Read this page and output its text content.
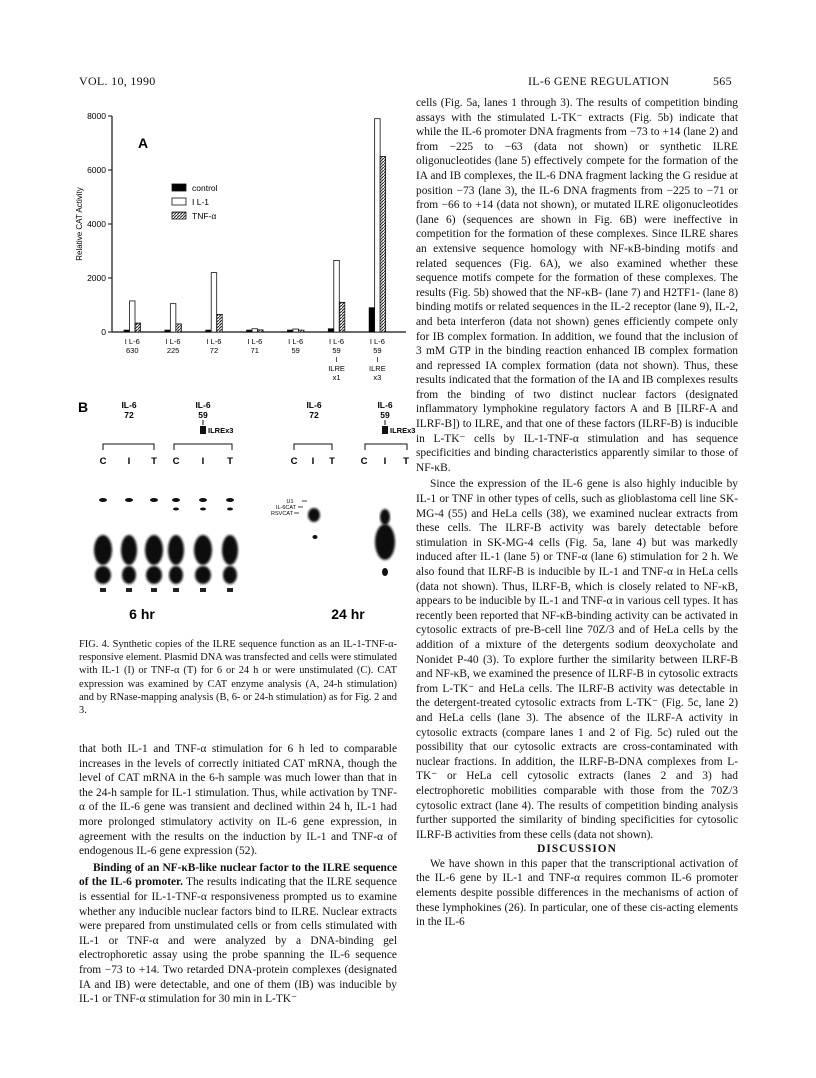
VOL. 10, 1990	IL-6 GENE REGULATION	565
0
2000
4000
6000
8000
Relative CAT Activity
A
I L-6
630
I L-6
225
I L-6
72
I L-6
71
I L-6
59
I L-6
59
I
ILRE
x1
I L-6
59
I
ILRE
x3
control
I L-1
TNF-α
B	IL-6
72
C I T
IL-6
59
ILREx3
C I T
IL-6
72
C I T
IL-6
59
ILREx3
C I T
U1
IL-6CAT
RSVCAT
6 hr	24 hr
FIG. 4. Synthetic copies of the ILRE sequence function as an IL-1-TNF-α-responsive element. Plasmid DNA was transfected and cells were stimulated with IL-1 (I) or TNF-α (T) for 6 or 24 h or were unstimulated (C). CAT expression was examined by CAT enzyme analysis (A, 24-h stimulation) and by RNase-mapping analysis (B, 6- or 24-h stimulation) as for Fig. 2 and 3.

that both IL-1 and TNF-α stimulation for 6 h led to comparable increases in the levels of correctly initiated CAT mRNA, though the level of CAT mRNA in the 6-h sample was much lower than that in the 24-h sample for IL-1 stimulation. Thus, while activation by TNF-α of the IL-6 gene was transient and declined within 24 h, IL-1 had more prolonged stimulatory activity on IL-6 gene expression, in agreement with the results on the induction by IL-1 and TNF-α of endogenous IL-6 gene expression (52).

Binding of an NF-κB-like nuclear factor to the ILRE sequence of the IL-6 promoter. The results indicating that the ILRE sequence is essential for IL-1-TNF-α responsiveness prompted us to examine whether any inducible nuclear factors bind to ILRE. Nuclear extracts were prepared from unstimulated cells or from cells stimulated with IL-1 or TNF-α and were analyzed by a DNA-binding gel electrophoretic assay using the probe spanning the IL-6 sequence from −73 to +14. Two retarded DNA-protein complexes (designated IA and IB) were detectable, and one of them (IB) was inducible by IL-1 or TNF-α stimulation for 30 min in L-TK⁻

cells (Fig. 5a, lanes 1 through 3). The results of competition binding assays with the stimulated L-TK⁻ extracts (Fig. 5b) indicate that while the IL-6 promoter DNA fragments from −73 to +14 (lane 2) and from −225 to −63 (data not shown) or synthetic ILRE oligonucleotides (lane 5) effectively compete for the formation of the IA and IB complexes, the IL-6 DNA fragment lacking the G residue at position −73 (lane 3), the IL-6 DNA fragments from −225 to −71 or from −66 to +14 (data not shown), or mutated ILRE oligonucleotides (lane 6) (sequences are shown in Fig. 6B) were ineffective in competition for the formation of these complexes. Since ILRE shares an extensive sequence homology with NF-κB-binding motifs and related sequences (Fig. 6A), we also examined whether these sequence motifs compete for the formation of these complexes. The results (Fig. 5b) showed that the NF-κB- (lane 7) and H2TF1- (lane 8) binding motifs or related sequences in the IL-2 receptor (lane 9), IL-2, and beta interferon (data not shown) genes efficiently compete only for IB complex formation. In addition, we found that the inclusion of 3 mM GTP in the binding reaction enhanced IB complex formation and repressed IA complex formation (data not shown). Thus, these results indicated that the formation of the IA and IB complexes results from the binding of two distinct nuclear factors (designated inflammatory lymphokine regulatory factors A and B [ILRF-A and ILRF-B]) to ILRE, and that one of these factors (ILRF-B) is inducible in L-TK⁻ cells by IL-1-TNF-α stimulation and has sequence specificities and binding characteristics apparently similar to those of NF-κB.

Since the expression of the IL-6 gene is also highly inducible by IL-1 or TNF in other types of cells, such as glioblastoma cell line SK-MG-4 (55) and HeLa cells (38), we examined nuclear extracts from these cells. The ILRF-B activity was barely detectable before stimulation in SK-MG-4 cells (Fig. 5a, lane 4) but was markedly induced after IL-1 (lane 5) or TNF-α (lane 6) stimulation for 2 h. We also found that ILRF-B is inducible by IL-1 and TNF-α in HeLa cells (data not shown). Thus, ILRF-B, which is closely related to NF-κB, appears to be inducible by IL-1 and TNF-α in various cell types. It has recently been reported that NF-κB-binding activity can be activated in cytosolic extracts of pre-B-cell line 70Z/3 and of HeLa cells by the addition of a mixture of the detergents sodium deoxycholate and Nonidet P-40 (3). To explore further the similarity between ILRF-B and NF-κB, we examined the presence of ILRF-B in cytosolic extracts from L-TK⁻ and HeLa cells. The ILRF-B activity was detectable in the detergent-treated cytosolic extracts from L-TK⁻ (Fig. 5c, lane 2) and HeLa cells (lane 3). The absence of the ILRF-A activity in cytosolic extracts (compare lanes 1 and 2 of Fig. 5c) ruled out the possibility that our cytosolic extracts are cross-contaminated with nuclear fractions. In addition, the ILRF-B-DNA complexes from L-TK⁻ or HeLa cell cytosolic extracts (lanes 2 and 3) had electrophoretic mobilities comparable with those from the 70Z/3 cytosolic extract (lane 4). The results of competition binding analysis further supported the similarity of binding specificities for cytosolic ILRF-B activities from these cells (data not shown).

DISCUSSION

We have shown in this paper that the transcriptional activation of the IL-6 gene by IL-1 and TNF-α requires common IL-6 promoter elements despite possible differences in the mechanisms of action of these lymphokines (26). In particular, one of these cis-acting elements in the IL-6
